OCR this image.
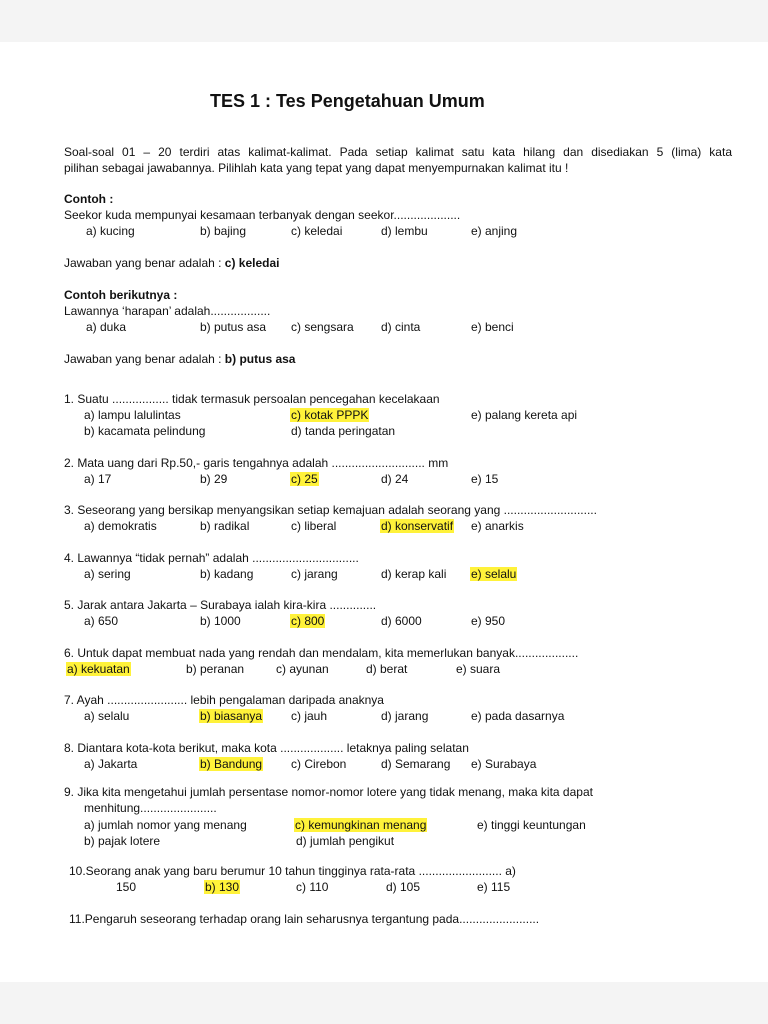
TES 1 : Tes Pengetahuan Umum
Soal-soal 01 – 20 terdiri atas kalimat-kalimat. Pada setiap kalimat satu kata hilang dan disediakan 5 (lima) kata
pilihan sebagai jawabannya. Pilihlah kata yang tepat yang dapat menyempurnakan kalimat itu !
Contoh :
Seekor kuda mempunyai kesamaan terbanyak dengan seekor....................
a) kucing	b) bajing	c) keledai	d) lembu	e) anjing
Jawaban yang benar adalah : c) keledai
Contoh berikutnya :
Lawannya ‘harapan’ adalah..................
a) duka	b) putus asa c) sengsara d) cinta	e) benci
Jawaban yang benar adalah : b) putus asa
1. Suatu ................. tidak termasuk persoalan pencegahan kecelakaan
a) lampu lalulintas	c) kotak PPPK	e) palang kereta api
b) kacamata pelindung	d) tanda peringatan
2. Mata uang dari Rp.50,- garis tengahnya adalah ............................ mm
a) 17	b) 29	c) 25	d) 24	e) 15
3. Seseorang yang bersikap menyangsikan setiap kemajuan adalah seorang yang ............................
a) demokratis	b) radikal	c) liberal	d) konservatif e) anarkis
4. Lawannya “tidak pernah” adalah ................................
a) sering	b) kadang	c) jarang	d) kerap kali e) selalu
5. Jarak antara Jakarta – Surabaya ialah kira-kira ..............
a) 650	b) 1000	c) 800	d) 6000	e) 950
6. Untuk dapat membuat nada yang rendah dan mendalam, kita memerlukan banyak...................
a) kekuatan	b) peranan	c) ayunan	d) berat	e) suara
7. Ayah ........................ lebih pengalaman daripada anaknya
a) selalu	b) biasanya c) jauh	d) jarang	e) pada dasarnya
8. Diantara kota-kota berikut, maka kota ................... letaknya paling selatan
a) Jakarta	b) Bandung c) Cirebon	d) Semarang e) Surabaya
9. Jika kita mengetahui jumlah persentase nomor-nomor lotere yang tidak menang, maka kita dapat
menhitung.......................
a) jumlah nomor yang menang	c) kemungkinan menang	e) tinggi keuntungan
b) pajak lotere	d) jumlah pengikut
10.Seorang anak yang baru berumur 10 tahun tingginya rata-rata ......................... a)
150	b) 130	c) 110	d) 105	e) 115
11.Pengaruh seseorang terhadap orang lain seharusnya tergantung pada........................
